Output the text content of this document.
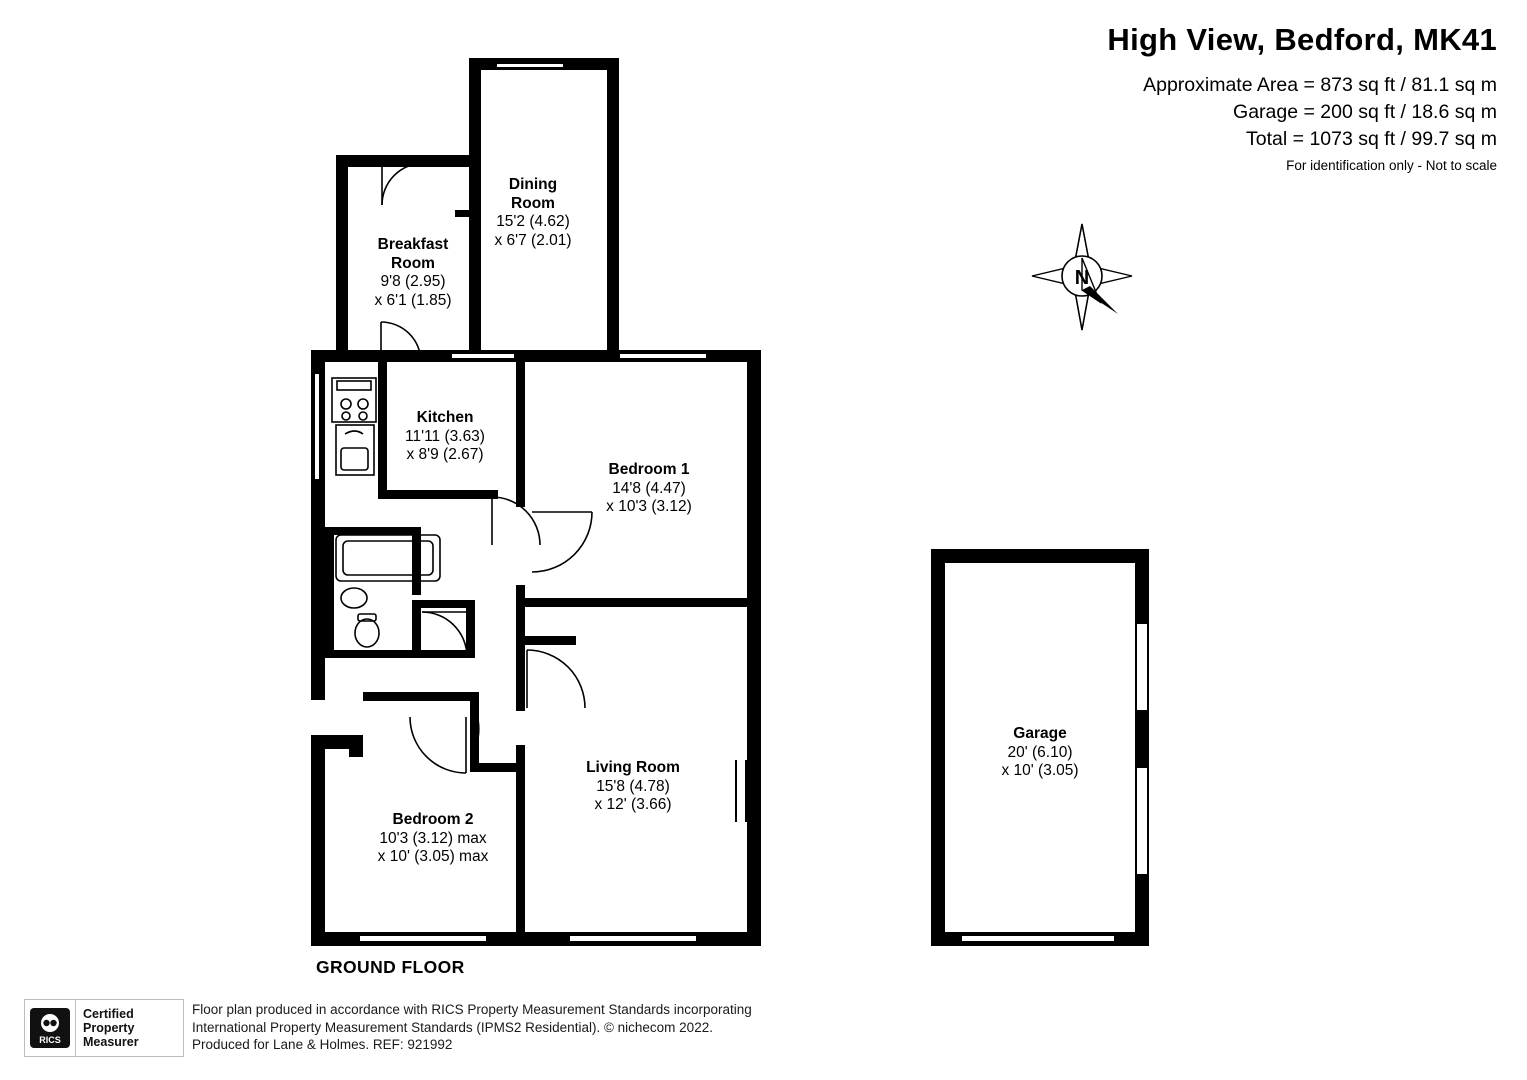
High View, Bedford, MK41
Approximate Area = 873 sq ft / 81.1 sq m
Garage = 200 sq ft / 18.6 sq m
Total = 1073 sq ft / 99.7 sq m
For identification only - Not to scale
N
Dining
Room
15'2 (4.62)
x 6'7 (2.01)
Breakfast
Room
9'8 (2.95)
x 6'1 (1.85)
Kitchen
11'11 (3.63)
x 8'9 (2.67)
Bedroom 1
14'8 (4.47)
x 10'3 (3.12)
Living Room
15'8 (4.78)
x 12' (3.66)
Bedroom 2
10'3 (3.12) max
x 10' (3.05) max
GROUND FLOOR
Garage
20' (6.10)
x 10' (3.05)
RICS
Certified
Property
Measurer
Floor plan produced in accordance with RICS Property Measurement Standards incorporating
International Property Measurement Standards (IPMS2 Residential). © nichecom 2022.
Produced for Lane & Holmes. REF: 921992
